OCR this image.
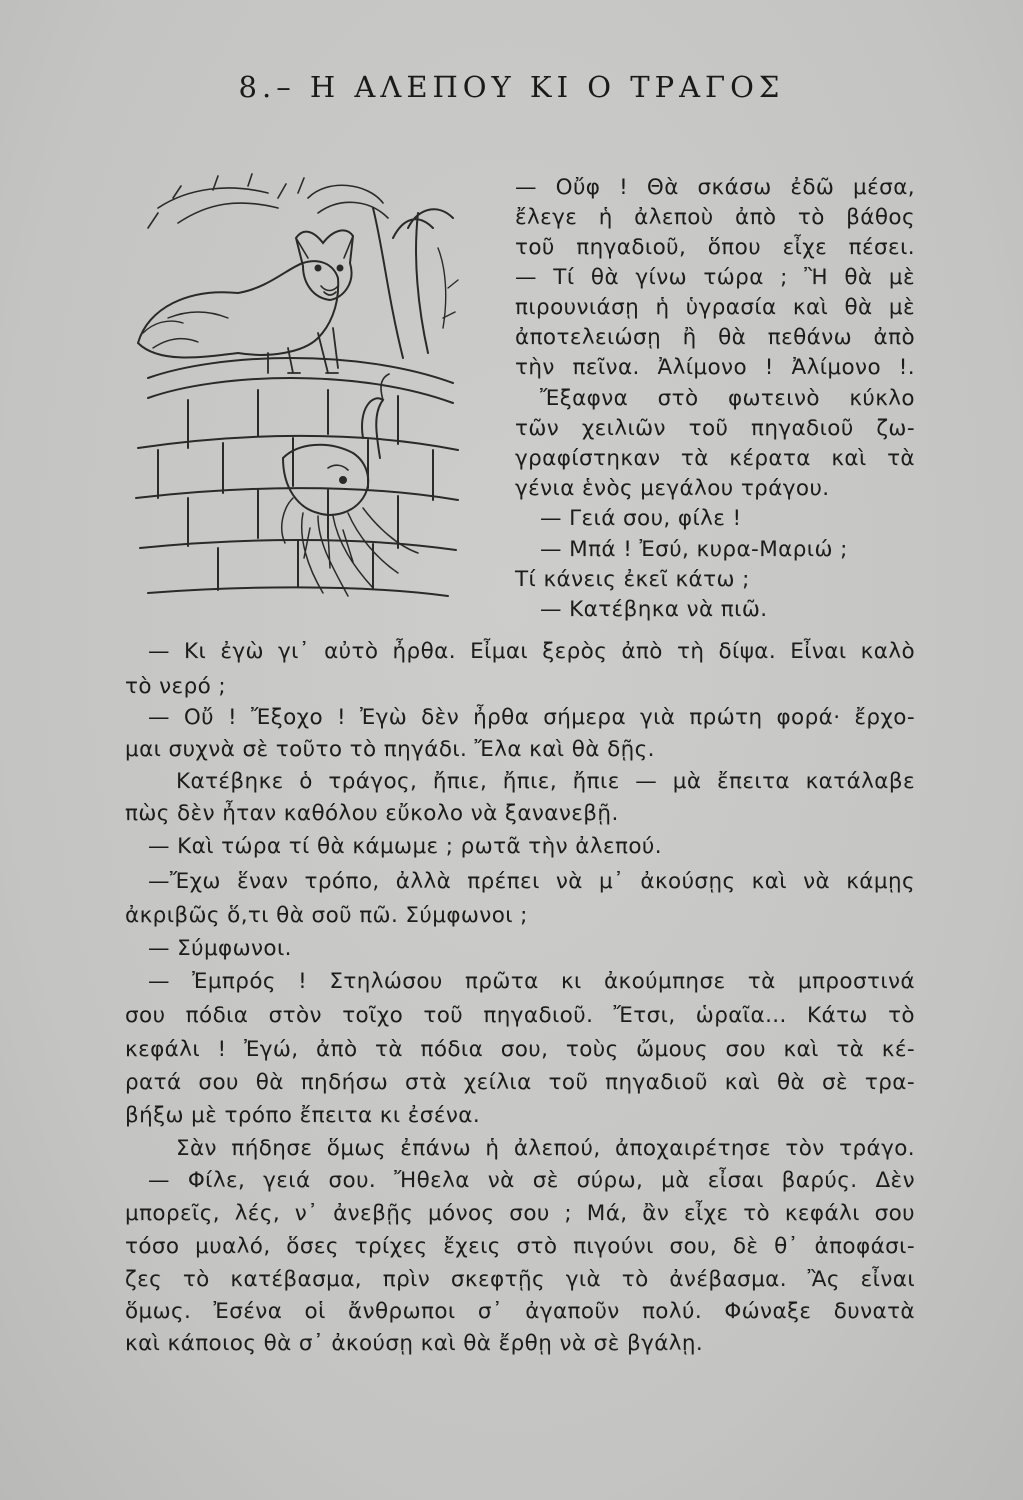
8.– Η ΑΛΕΠΟΥ ΚΙ Ο ΤΡΑΓΟΣ
— Οὔφ ! Θὰ σκάσω ἐδῶ μέσα,
ἔλεγε ἡ ἀλεποὺ ἀπὸ τὸ βάθος
τοῦ πηγαδιοῦ, ὅπου εἶχε πέσει.
— Τί θὰ γίνω τώρα ; Ἢ θὰ μὲ
πιρουνιάσῃ ἡ ὑγρασία καὶ θὰ μὲ
ἀποτελειώσῃ ἢ θὰ πεθάνω ἀπὸ
τὴν πεῖνα. Ἀλίμονο ! Ἀλίμονο !.
Ἔξαφνα στὸ φωτεινὸ κύκλο
τῶν χειλιῶν τοῦ πηγαδιοῦ ζω-
γραφίστηκαν τὰ κέρατα καὶ τὰ
γένια ἑνὸς μεγάλου τράγου.
— Γειά σου, φίλε !
— Μπά ! Ἐσύ, κυρα-Μαριώ ;
Τί κάνεις ἐκεῖ κάτω ;
— Κατέβηκα νὰ πιῶ.
— Κι ἐγὼ γι᾿ αὐτὸ ἦρθα. Εἶμαι ξερὸς ἀπὸ τὴ δίψα. Εἶναι καλὸ
τὸ νερό ;
— Οὔ ! Ἔξοχο ! Ἐγὼ δὲν ἦρθα σήμερα γιὰ πρώτη φορά· ἔρχο-
μαι συχνὰ σὲ τοῦτο τὸ πηγάδι. Ἔλα καὶ θὰ δῇς.
Κατέβηκε ὁ τράγος, ἤπιε, ἤπιε, ἤπιε — μὰ ἔπειτα κατάλαβε
πὼς δὲν ἦταν καθόλου εὔκολο νὰ ξανανεβῇ.
— Καὶ τώρα τί θὰ κάμωμε ; ρωτᾶ τὴν ἀλεπού.
—Ἔχω ἕναν τρόπο, ἀλλὰ πρέπει νὰ μ᾿ ἀκούσῃς καὶ νὰ κάμῃς
ἀκριβῶς ὅ,τι θὰ σοῦ πῶ. Σύμφωνοι ;
— Σύμφωνοι.
— Ἐμπρός ! Στηλώσου πρῶτα κι ἀκούμπησε τὰ μπροστινά
σου πόδια στὸν τοῖχο τοῦ πηγαδιοῦ. Ἔτσι, ὡραῖα... Κάτω τὸ
κεφάλι ! Ἐγώ, ἀπὸ τὰ πόδια σου, τοὺς ὤμους σου καὶ τὰ κέ-
ρατά σου θὰ πηδήσω στὰ χείλια τοῦ πηγαδιοῦ καὶ θὰ σὲ τρα-
βήξω μὲ τρόπο ἔπειτα κι ἐσένα.
Σὰν πήδησε ὅμως ἐπάνω ἡ ἀλεπού, ἀποχαιρέτησε τὸν τράγο.
— Φίλε, γειά σου. Ἤθελα νὰ σὲ σύρω, μὰ εἶσαι βαρύς. Δὲν
μπορεῖς, λές, ν᾿ ἀνεβῇς μόνος σου ; Μά, ἂν εἶχε τὸ κεφάλι σου
τόσο μυαλό, ὅσες τρίχες ἔχεις στὸ πιγούνι σου, δὲ θ᾿ ἀποφάσι-
ζες τὸ κατέβασμα, πρὶν σκεφτῇς γιὰ τὸ ἀνέβασμα. Ἂς εἶναι
ὅμως. Ἐσένα οἱ ἄνθρωποι σ᾿ ἀγαποῦν πολύ. Φώναξε δυνατὰ
καὶ κάποιος θὰ σ᾿ ἀκούσῃ καὶ θὰ ἔρθῃ νὰ σὲ βγάλῃ.
